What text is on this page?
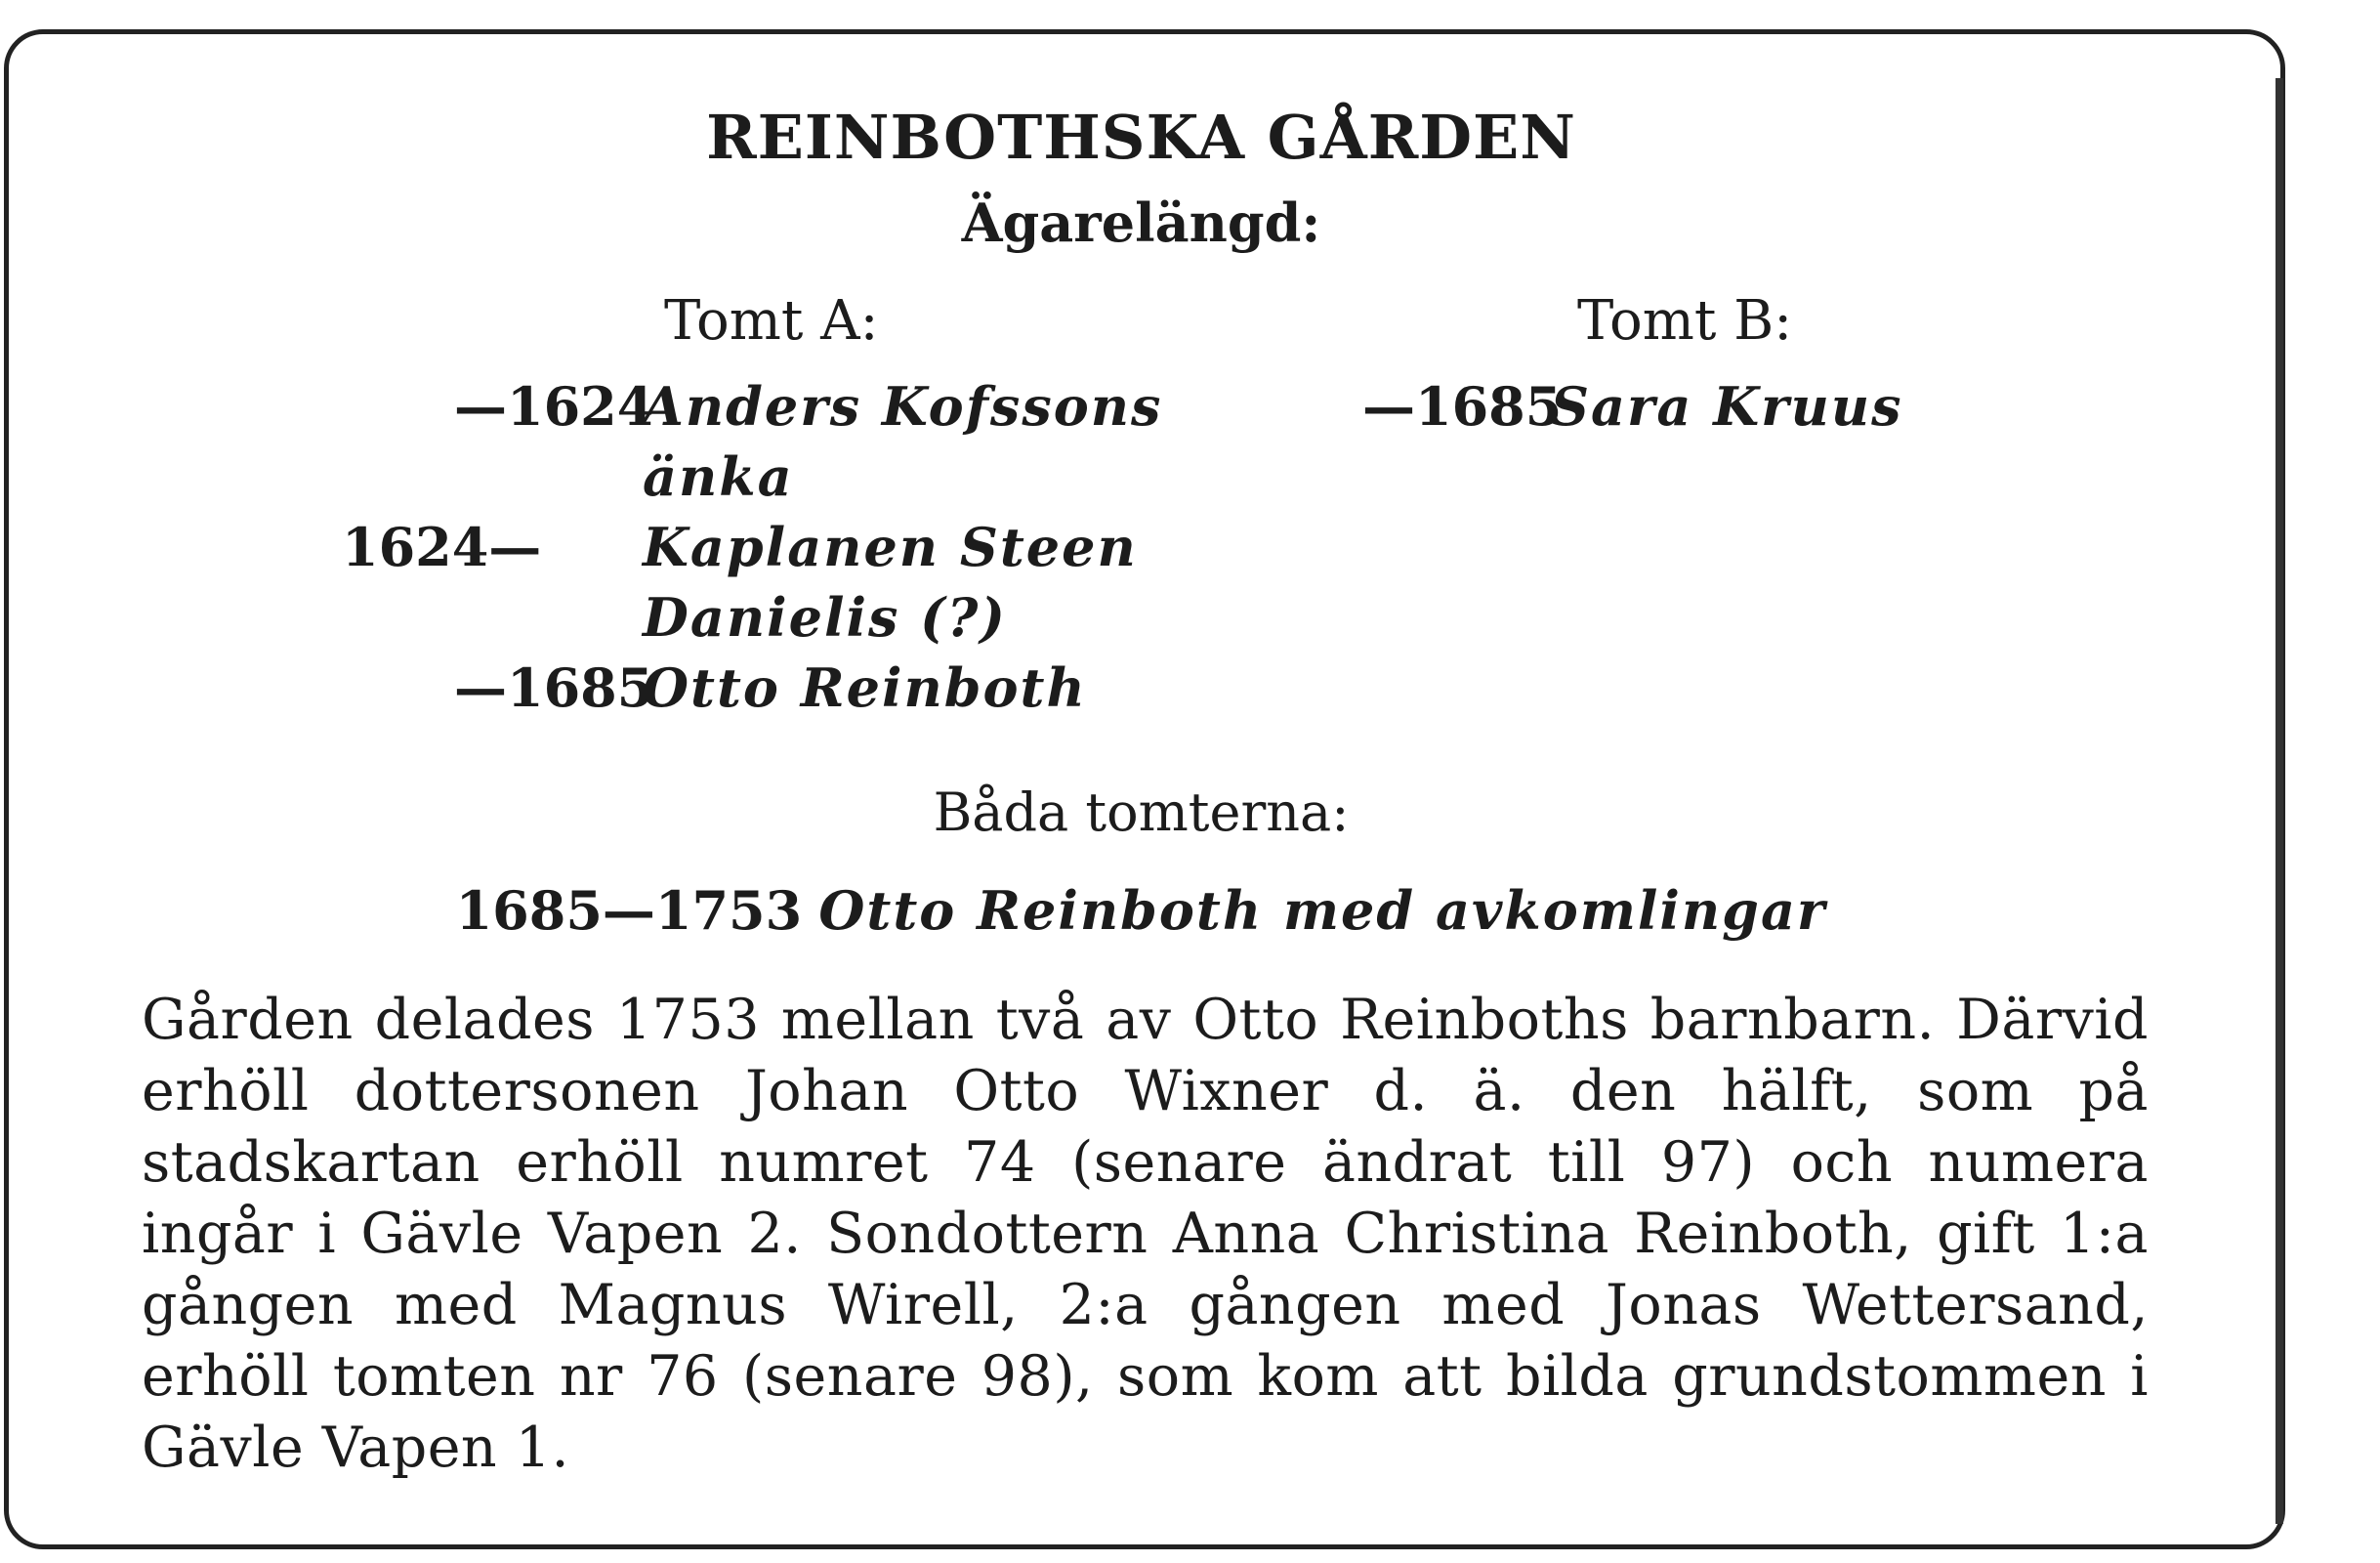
REINBOTHSKA GÅRDEN
Ägarelängd:
Tomt A:
—1624
Anders Kofssons
änka
1624— Kaplanen Steen
Danielis (?)
—1685
Otto Reinboth
Tomt B:
—1685
Sara Kruus
Båda tomterna:
1685—1753 Otto Reinboth med avkomlingar
Gården delades 1753 mellan två av Otto Reinboths barnbarn. Därvid erhöll dottersonen Johan Otto Wixner d. ä. den hälft, som på stadskartan erhöll numret 74 (senare ändrat till 97) och numera ingår i Gävle Vapen 2. Sondottern Anna Christina Reinboth, gift 1:a gången med Magnus Wirell, 2:a gången med Jonas Wettersand, erhöll tomten nr 76 (senare 98), som kom att bilda grundstommen i Gävle Vapen 1.
